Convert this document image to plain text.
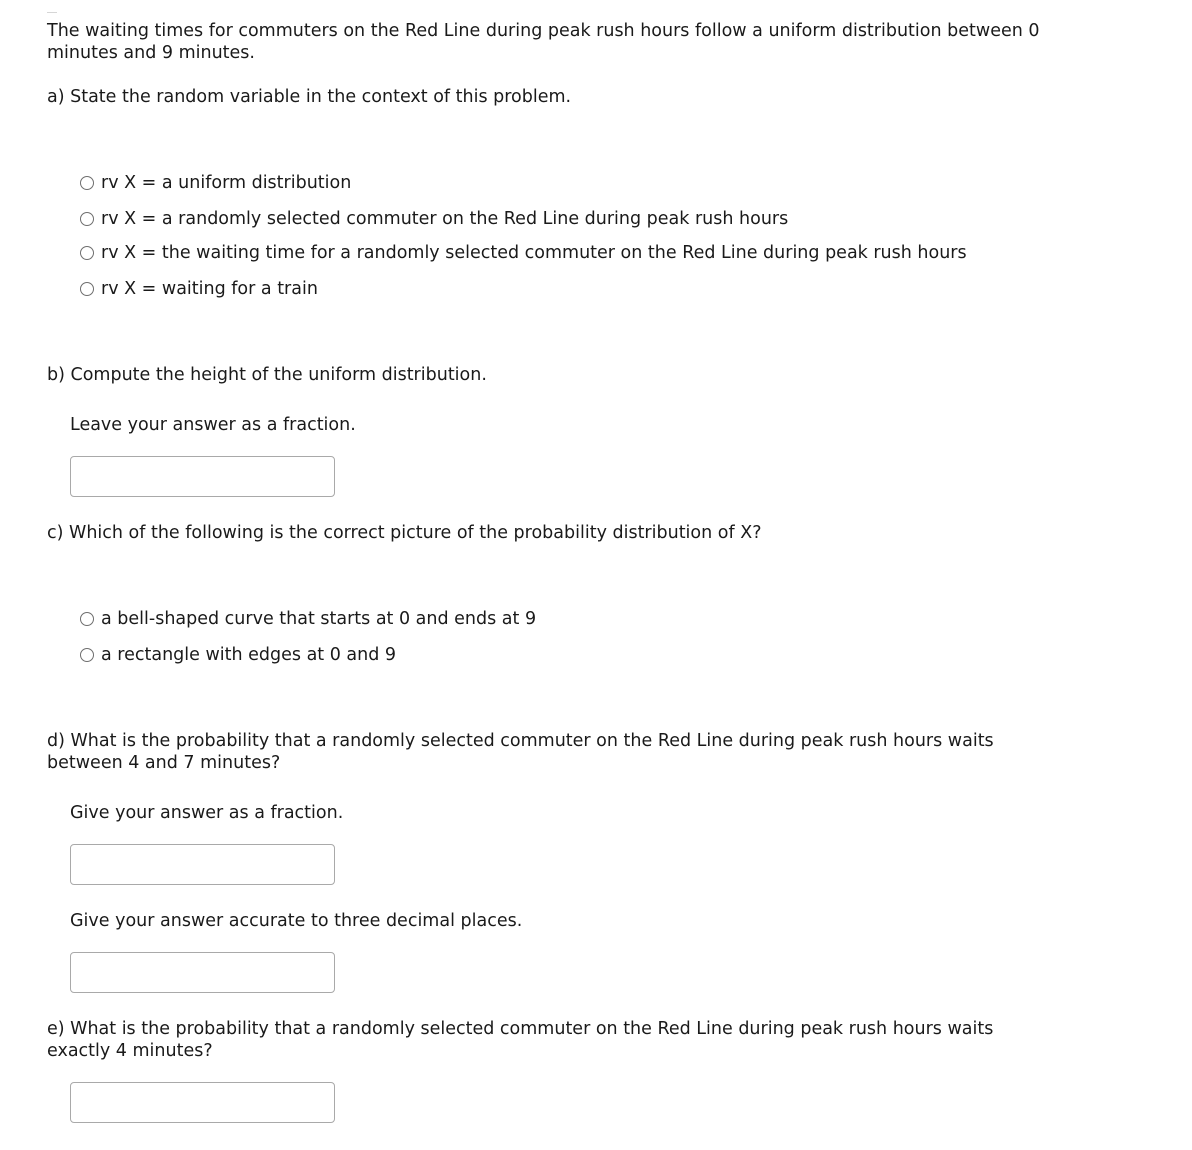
The waiting times for commuters on the Red Line during peak rush hours follow a uniform distribution between 0 minutes and 9 minutes.

a) State the random variable in the context of this problem.

rv X = a uniform distribution
rv X = a randomly selected commuter on the Red Line during peak rush hours
rv X = the waiting time for a randomly selected commuter on the Red Line during peak rush hours
rv X = waiting for a train

b) Compute the height of the uniform distribution.

Leave your answer as a fraction.

c) Which of the following is the correct picture of the probability distribution of X?

a bell-shaped curve that starts at 0 and ends at 9
a rectangle with edges at 0 and 9

d) What is the probability that a randomly selected commuter on the Red Line during peak rush hours waits between 4 and 7 minutes?

Give your answer as a fraction.

Give your answer accurate to three decimal places.

e) What is the probability that a randomly selected commuter on the Red Line during peak rush hours waits exactly 4 minutes?
